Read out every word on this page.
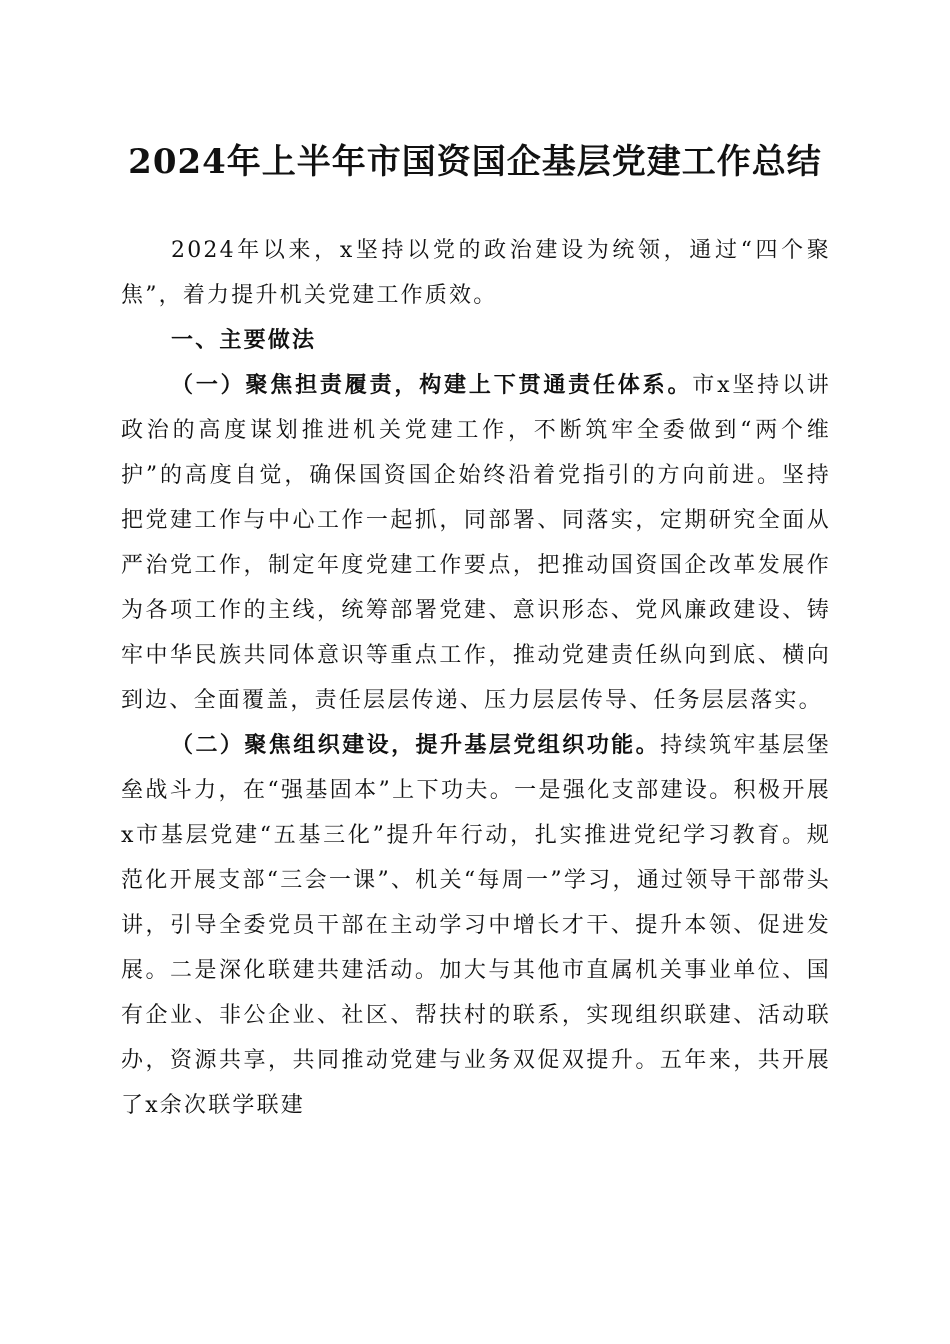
2024年上半年市国资国企基层党建工作总结

2024年以来，x坚持以党的政治建设为统领，通过“四个聚焦”，着力提升机关党建工作质效。

一、主要做法

（一）聚焦担责履责，构建上下贯通责任体系。市x坚持以讲政治的高度谋划推进机关党建工作，不断筑牢全委做到“两个维护”的高度自觉，确保国资国企始终沿着党指引的方向前进。坚持把党建工作与中心工作一起抓，同部署、同落实，定期研究全面从严治党工作，制定年度党建工作要点，把推动国资国企改革发展作为各项工作的主线，统筹部署党建、意识形态、党风廉政建设、铸牢中华民族共同体意识等重点工作，推动党建责任纵向到底、横向到边、全面覆盖，责任层层传递、压力层层传导、任务层层落实。

（二）聚焦组织建设，提升基层党组织功能。持续筑牢基层堡垒战斗力，在“强基固本”上下功夫。一是强化支部建设。积极开展x市基层党建“五基三化”提升年行动，扎实推进党纪学习教育。规范化开展支部“三会一课”、机关“每周一”学习，通过领导干部带头讲，引导全委党员干部在主动学习中增长才干、提升本领、促进发展。二是深化联建共建活动。加大与其他市直属机关事业单位、国有企业、非公企业、社区、帮扶村的联系，实现组织联建、活动联办，资源共享，共同推动党建与业务双促双提升。五年来，共开展了x余次联学联建
